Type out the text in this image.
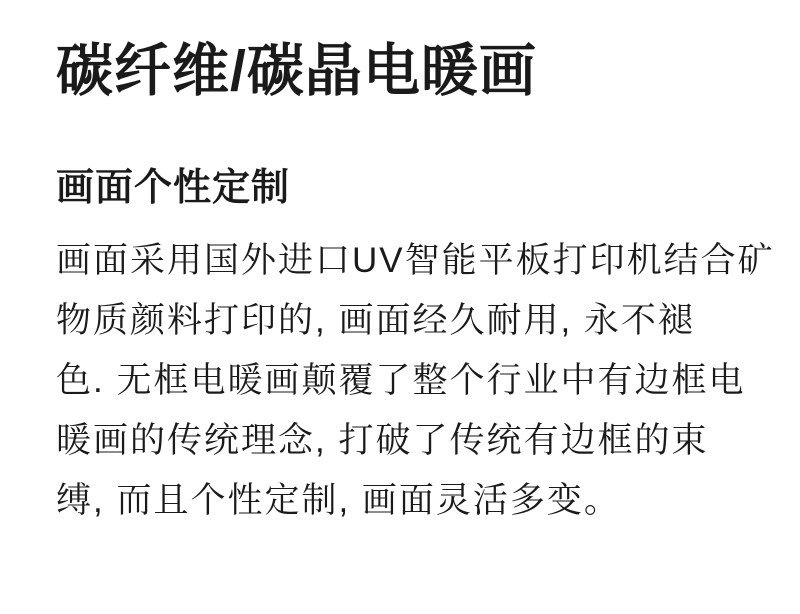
碳纤维/碳晶电暖画
画面个性定制
画面采用国外进口UV智能平板打印机结合矿
物质颜料打印的, 画面经久耐用, 永不褪
色. 无框电暖画颠覆了整个行业中有边框电
暖画的传统理念, 打破了传统有边框的束
缚, 而且个性定制, 画面灵活多变。
